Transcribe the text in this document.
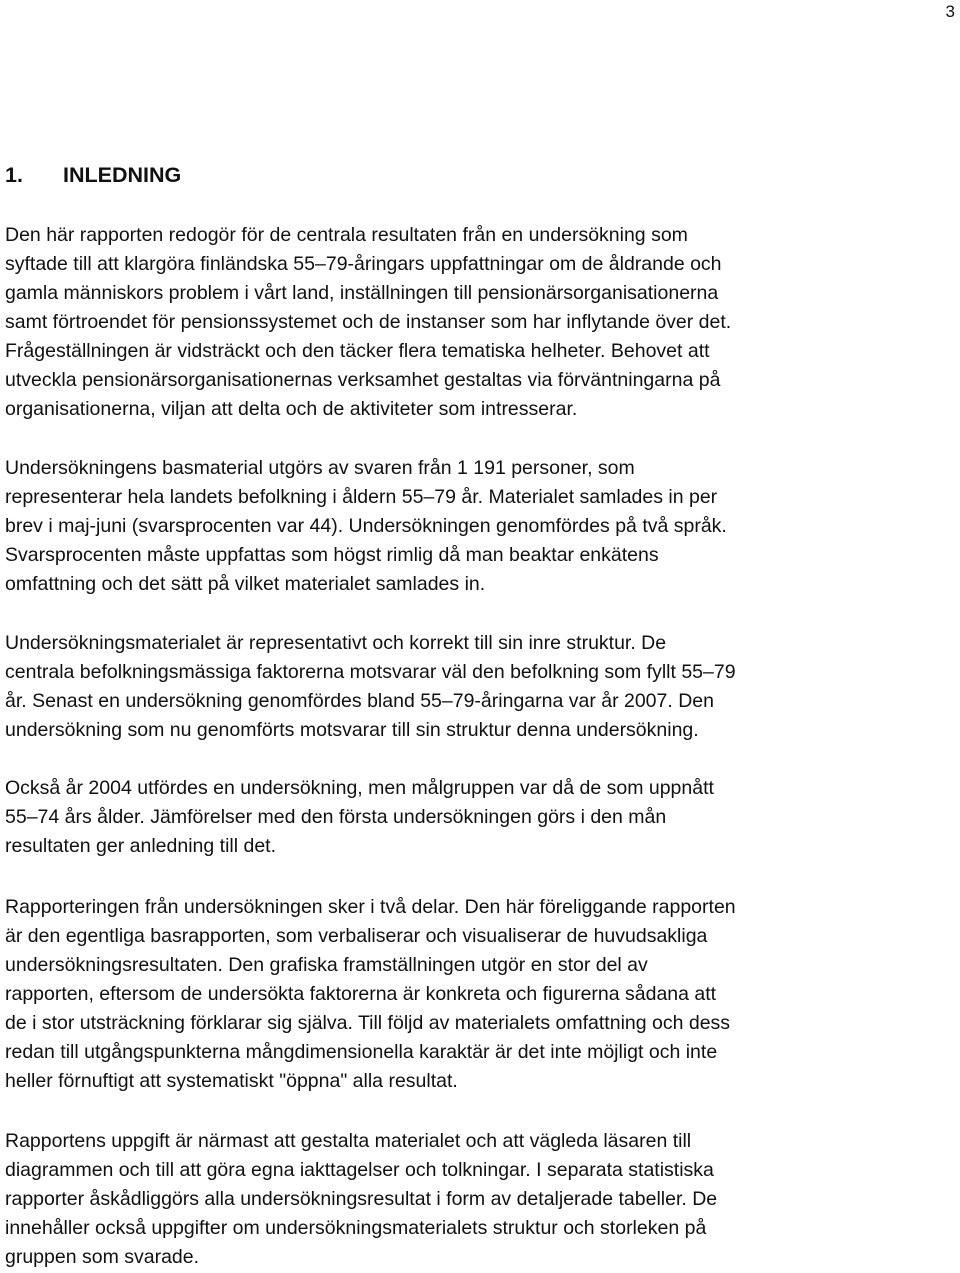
3
1. INLEDNING

Den här rapporten redogör för de centrala resultaten från en undersökning som
syftade till att klargöra finländska 55–79-åringars uppfattningar om de åldrande och
gamla människors problem i vårt land, inställningen till pensionärsorganisationerna
samt förtroendet för pensionssystemet och de instanser som har inflytande över det.
Frågeställningen är vidsträckt och den täcker flera tematiska helheter. Behovet att
utveckla pensionärsorganisationernas verksamhet gestaltas via förväntningarna på
organisationerna, viljan att delta och de aktiviteter som intresserar.

Undersökningens basmaterial utgörs av svaren från 1 191 personer, som
representerar hela landets befolkning i åldern 55–79 år. Materialet samlades in per
brev i maj-juni (svarsprocenten var 44). Undersökningen genomfördes på två språk.
Svarsprocenten måste uppfattas som högst rimlig då man beaktar enkätens
omfattning och det sätt på vilket materialet samlades in.

Undersökningsmaterialet är representativt och korrekt till sin inre struktur. De
centrala befolkningsmässiga faktorerna motsvarar väl den befolkning som fyllt 55–79
år. Senast en undersökning genomfördes bland 55–79-åringarna var år 2007. Den
undersökning som nu genomförts motsvarar till sin struktur denna undersökning.

Också år 2004 utfördes en undersökning, men målgruppen var då de som uppnått
55–74 års ålder. Jämförelser med den första undersökningen görs i den mån
resultaten ger anledning till det.

Rapporteringen från undersökningen sker i två delar. Den här föreliggande rapporten
är den egentliga basrapporten, som verbaliserar och visualiserar de huvudsakliga
undersökningsresultaten. Den grafiska framställningen utgör en stor del av
rapporten, eftersom de undersökta faktorerna är konkreta och figurerna sådana att
de i stor utsträckning förklarar sig själva. Till följd av materialets omfattning och dess
redan till utgångspunkterna mångdimensionella karaktär är det inte möjligt och inte
heller förnuftigt att systematiskt "öppna" alla resultat.

Rapportens uppgift är närmast att gestalta materialet och att vägleda läsaren till
diagrammen och till att göra egna iakttagelser och tolkningar. I separata statistiska
rapporter åskådliggörs alla undersökningsresultat i form av detaljerade tabeller. De
innehåller också uppgifter om undersökningsmaterialets struktur och storleken på
gruppen som svarade.
